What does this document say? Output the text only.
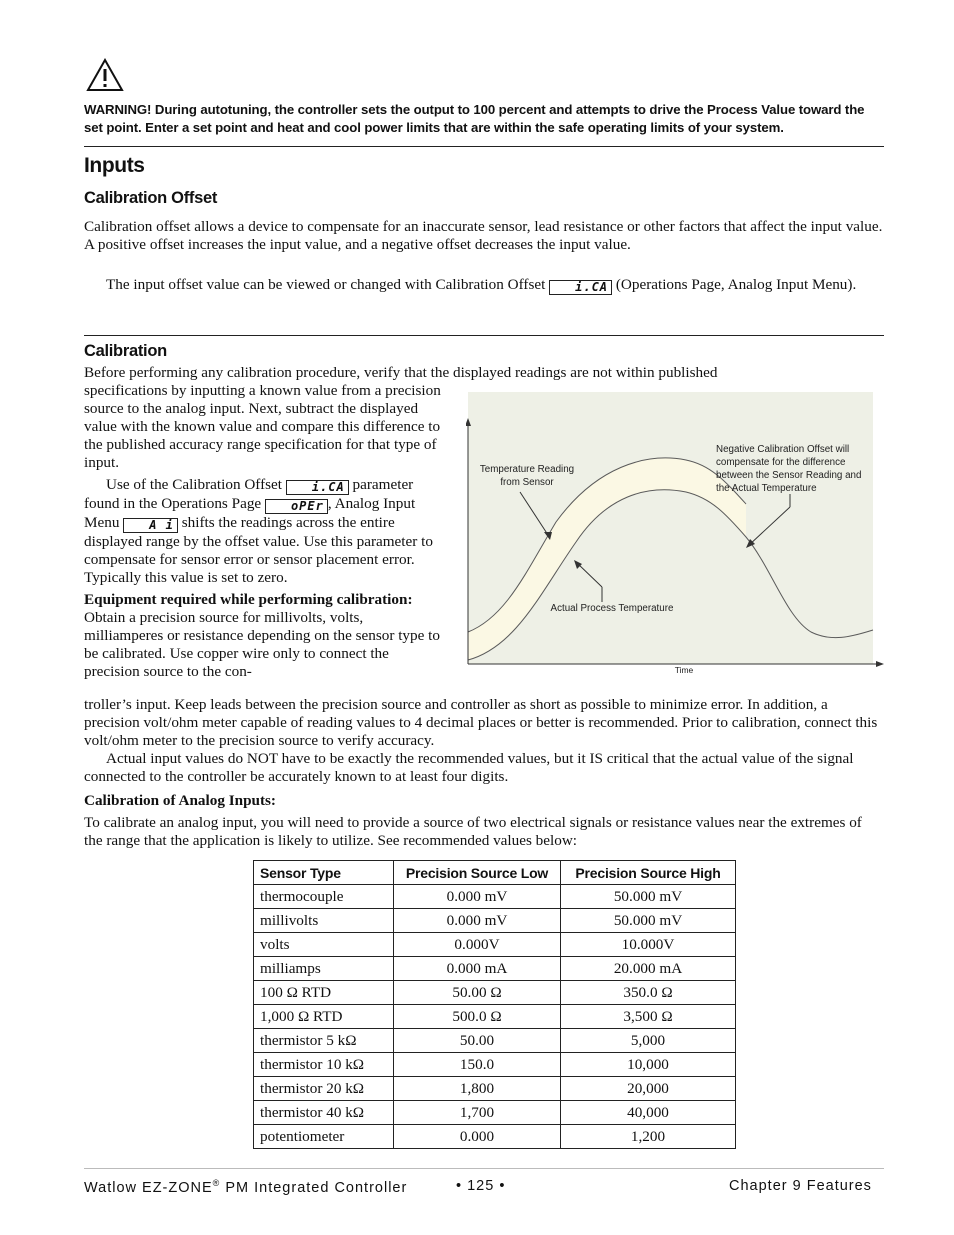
WARNING! During autotuning, the controller sets the output to 100 percent and attempts to drive the Process Value toward the set point. Enter a set point and heat and cool power limits that are within the safe operating limits of your system.
Inputs
Calibration Offset
Calibration offset allows a device to compensate for an inaccurate sensor, lead resistance or other factors that affect the input value. A positive offset increases the input value, and a negative offset decreases the input value.
The input offset value can be viewed or changed with Calibration Offset i.CA (Operations Page, Analog Input Menu).
Calibration
Before performing any calibration procedure, verify that the displayed readings are not within published
specifications by inputting a known value from a precision source to the analog input. Next, subtract the displayed value with the known value and compare this difference to the published accuracy range specification for that type of input.
Use of the Calibration Offset i.CA parameter found in the Operations Page oPEr , Analog Input Menu A i shifts the readings across the entire displayed range by the offset value. Use this parameter to compensate for sensor error or sensor placement error. Typically this value is set to zero.
Equipment required while performing calibration: Obtain a precision source for millivolts, volts, milliamperes or resistance depending on the sensor type to be calibrated. Use copper wire only to connect the precision source to the con-
troller’s input. Keep leads between the precision source and controller as short as possible to minimize error. In addition, a precision volt/ohm meter capable of reading values to 4 decimal places or better is recommended. Prior to calibration, connect this volt/ohm meter to the precision source to verify accuracy.
Actual input values do NOT have to be exactly the recommended values, but it IS critical that the actual value of the signal connected to the controller be accurately known to at least four digits.
Temperature Reading
from Sensor
Negative Calibration Offset will
compensate for the difference
between the Sensor Reading and
the Actual Temperature
Actual Process Temperature
Time
Calibration of Analog Inputs:
To calibrate an analog input, you will need to provide a source of two electrical signals or resistance values near the extremes of the range that the application is likely to utilize. See recommended values below:
Sensor Type	Precision Source Low	Precision Source High
thermocouple	0.000 mV	50.000 mV
millivolts	0.000 mV	50.000 mV
volts	0.000V	10.000V
milliamps	0.000 mA	20.000 mA
100 Ω RTD	50.00 Ω	350.0 Ω
1,000 Ω RTD	500.0 Ω	3,500 Ω
thermistor 5 kΩ	50.00	5,000
thermistor 10 kΩ	150.0	10,000
thermistor 20 kΩ	1,800	20,000
thermistor 40 kΩ	1,700	40,000
potentiometer	0.000	1,200
Watlow EZ-ZONE® PM Integrated Controller	• 125 •	Chapter 9 Features
